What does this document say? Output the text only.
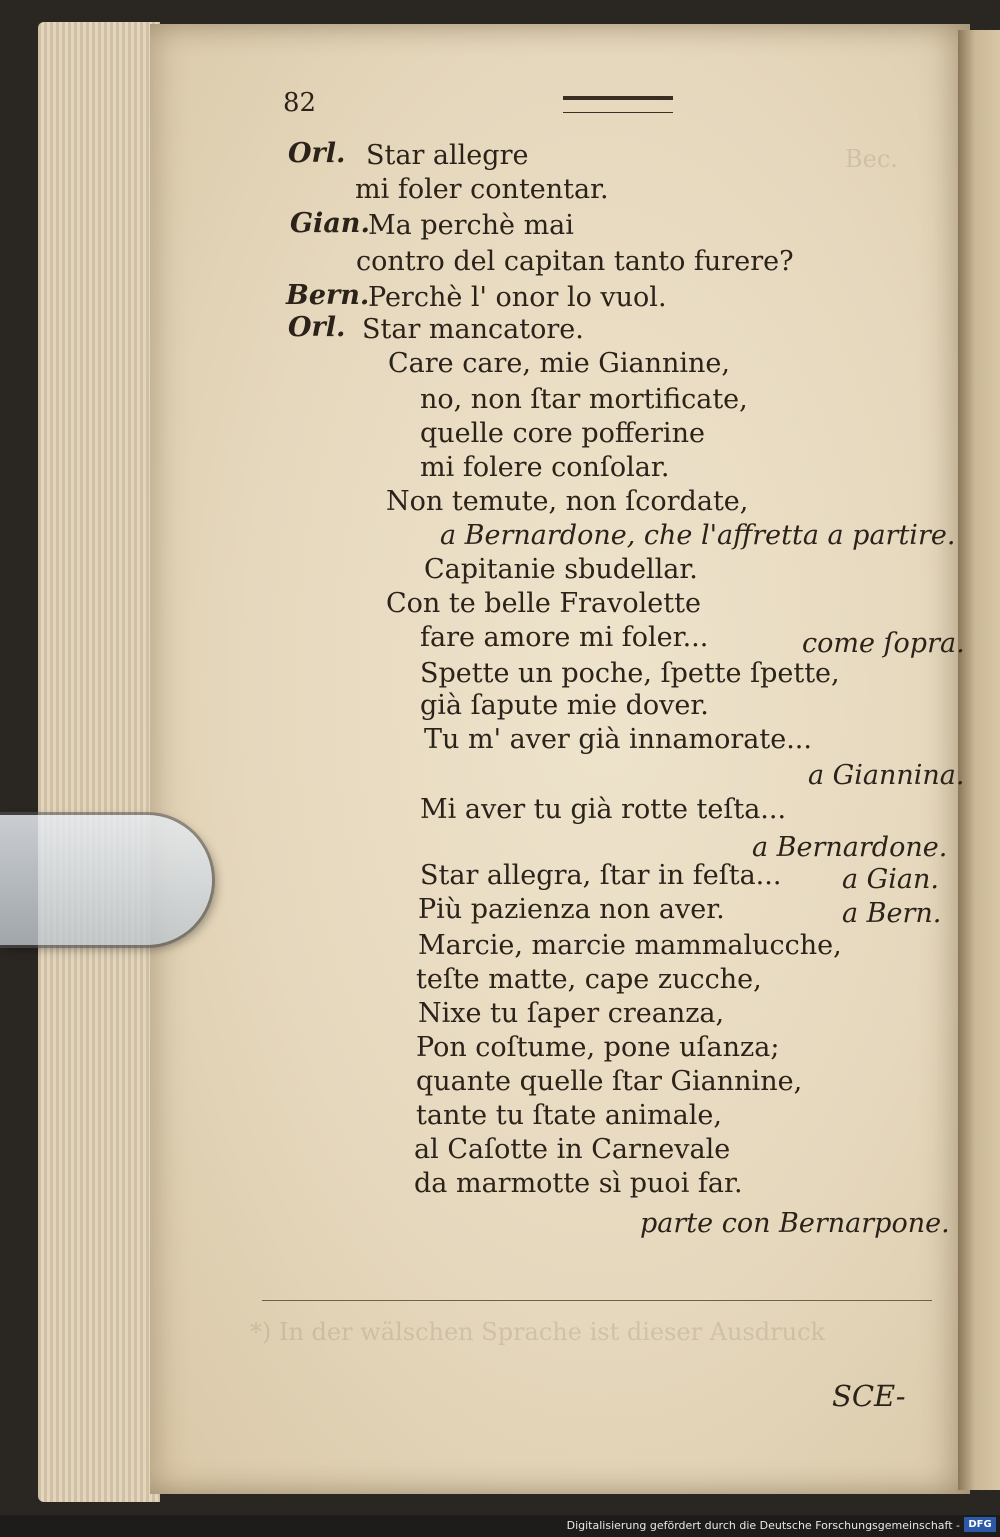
Bec.
*) In der wälschen Sprache ist dieser Ausdruck
82
Orl. Star allegre
mi foler contentar.
Gian.
Ma perchè mai
contro del capitan tanto furere?
Bern.
Perchè l' onor lo vuol.
Orl. Star mancatore.
Care care, mie Giannine,
no, non ſtar mortificate,
quelle core pofferine
mi folere conſolar.
Non temute, non ſcordate,
a Bernardone, che l'affretta a partire.
Capitanie sbudellar.
Con te belle Fravolette
fare amore mi foler...	come ſopra.
Spette un poche, ſpette ſpette,
già ſapute mie dover.
Tu m' aver già innamorate...
a Giannina.
Mi aver tu già rotte teſta...
a Bernardone.
Star allegra, ſtar in feſta... a Gian.
Più pazienza non aver.	a Bern.
Marcie, marcie mammalucche,
teſte matte, cape zucche,
Nixe tu ſaper creanza,
Pon coſtume, pone uſanza;
quante quelle ſtar Giannine,
tante tu ſtate animale,
al Caſotte in Carnevale
da marmotte sì puoi far.
parte con Bernarpone.
SCE-
Digitalisierung gefördert durch die Deutsche Forschungsgemeinschaft - DFG
